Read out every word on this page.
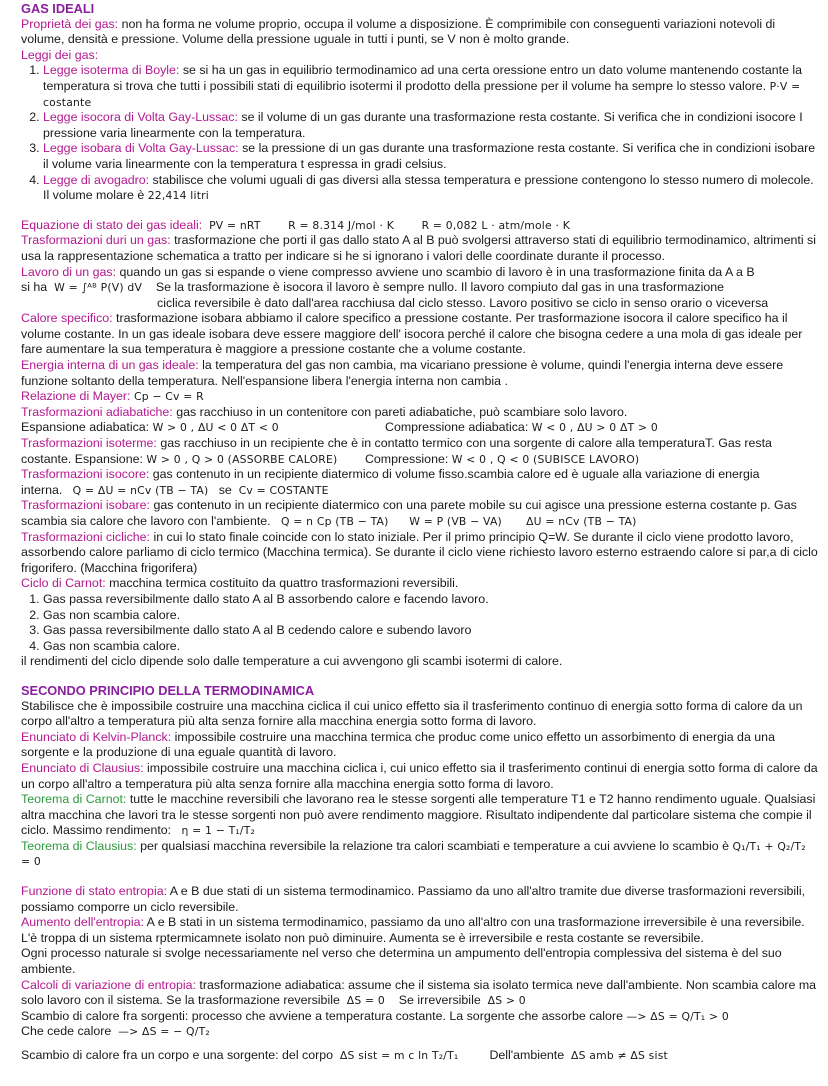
GAS IDEALI

Proprietà dei gas: non ha forma ne volume proprio, occupa il volume a disposizione. È comprimibile con conseguenti variazioni notevoli di volume, densità e pressione. Volume della pressione uguale in tutti i punti, se V non è molto grande.

Leggi dei gas:
1. Legge isoterma di Boyle: se si ha un gas in equilibrio termodinamico ad una certa oressione entro un dato volume mantenendo costante la temperatura si trova che tutti i possibili stati di equilibrio isotermi il prodotto della pressione per il volume ha sempre lo stesso valore. P·V = costante
2. Legge isocora di Volta Gay-Lussac: se il volume di un gas durante una trasformazione resta costante. Si verifica che in condizioni isocore I pressione varia linearmente con la temperatura.
3. Legge isobara di Volta Gay-Lussac: se la pressione di un gas durante una trasformazione resta costante. Si verifica che in condizioni isobare il volume varia linearmente con la temperatura t espressa in gradi celsius.
4. Legge di avogadro: stabilisce che volumi uguali di gas diversi alla stessa temperatura e pressione contengono lo stesso numero di molecole. Il volume molare è 22,414 litri

Equazione di stato dei gas ideali: PV = nRT	R = 8.314 J/mol · K	R = 0,082 L · atm/mole · K

Trasformazioni duri un gas: trasformazione che porti il gas dallo stato A al B può svolgersi attraverso stati di equilibrio termodinamico, altrimenti si usa la rappresentazione schematica a tratto per indicare si he si ignorano i valori delle coordinate durante il processo.

Lavoro di un gas: quando un gas si espande o viene compresso avviene uno scambio di lavoro è in una trasformazione finita da A a B
si ha W = ∫ᴬᴮ P(V) dV Se la trasformazione è isocora il lavoro è sempre nullo. Il lavoro compiuto dal gas in una trasformazione
ciclica reversibile è dato dall'area racchiusa dal ciclo stesso. Lavoro positivo se ciclo in senso orario o viceversa

Calore specifico: trasformazione isobara abbiamo il calore specifico a pressione costante. Per trasformazione isocora il calore specifico ha il volume costante. In un gas ideale isobara deve essere maggiore dell' isocora perché il calore che bisogna cedere a una mola di gas ideale per fare aumentare la sua temperatura è maggiore a pressione costante che a volume costante.

Energia interna di un gas ideale: la temperatura del gas non cambia, ma vicariano pressione è volume, quindi l'energia interna deve essere funzione soltanto della temperatura. Nell'espansione libera l'energia interna non cambia .

Relazione di Mayer: Cp − Cv = R

Trasformazioni adiabatiche: gas racchiuso in un contenitore con pareti adiabatiche, può scambiare solo lavoro.
Espansione adiabatica: W > 0 , ΔU < 0 ΔT < 0	Compressione adiabatica: W < 0 , ΔU > 0 ΔT > 0

Trasformazioni isoterme: gas racchiuso in un recipiente che è in contatto termico con una sorgente di calore alla temperaturaT. Gas resta costante. Espansione: W > 0 , Q > 0 (ASSORBE CALORE) Compressione: W < 0 , Q < 0 (SUBISCE LAVORO)

Trasformazioni isocore: gas contenuto in un recipiente diatermico di volume fisso.scambia calore ed è uguale alla variazione di energia interna. Q = ΔU = nCv (TB − TA) se Cv = COSTANTE

Trasformazioni isobare: gas contenuto in un recipiente diatermico con una parete mobile su cui agisce una pressione esterna costante p. Gas scambia sia calore che lavoro con l'ambiente. Q = n Cp (TB − TA) W = P (VB − VA) ΔU = nCv (TB − TA)

Trasformazioni cicliche: in cui lo stato finale coincide con lo stato iniziale. Per il primo principio Q=W. Se durante il ciclo viene prodotto lavoro, assorbendo calore parliamo di ciclo termico (Macchina termica). Se durante il ciclo viene richiesto lavoro esterno estraendo calore si par,a di ciclo frigorifero. (Macchina frigorifera)

Ciclo di Carnot: macchina termica costituito da quattro trasformazioni reversibili.

1. Gas passa reversibilmente dallo stato A al B assorbendo calore e facendo lavoro.
2. Gas non scambia calore.
3. Gas passa reversibilmente dallo stato A al B cedendo calore e subendo lavoro
4. Gas non scambia calore.

il rendimenti del ciclo dipende solo dalle temperature a cui avvengono gli scambi isotermi di calore.

SECONDO PRINCIPIO DELLA TERMODINAMICA

Stabilisce che è impossibile costruire una macchina ciclica il cui unico effetto sia il trasferimento continuo di energia sotto forma di calore da un corpo all'altro a temperatura più alta senza fornire alla macchina energia sotto forma di lavoro.

Enunciato di Kelvin-Planck: impossibile costruire una macchina termica che produc come unico effetto un assorbimento di energia da una sorgente e la produzione di una eguale quantità di lavoro.

Enunciato di Clausius: impossibile costruire una macchina ciclica i, cui unico effetto sia il trasferimento continui di energia sotto forma di calore da un corpo all'altro a temperatura più alta senza fornire alla macchina energia sotto forma di lavoro.

Teorema di Carnot: tutte le macchine reversibili che lavorano rea le stesse sorgenti alle temperature T1 e T2 hanno rendimento uguale. Qualsiasi altra macchina che lavori tra le stesse sorgenti non può avere rendimento maggiore. Risultato indipendente dal particolare sistema che compie il ciclo. Massimo rendimento: η = 1 − T₁/T₂

Teorema di Clausius: per qualsiasi macchina reversibile la relazione tra calori scambiati e temperature a cui avviene lo scambio è Q₁/T₁ + Q₂/T₂ = 0

Funzione di stato entropia: A e B due stati di un sistema termodinamico. Passiamo da uno all'altro tramite due diverse trasformazioni reversibili, possiamo comporre un ciclo reversibile.

Aumento dell'entropia: A e B stati in un sistema termodinamico, passiamo da uno all'altro con una trasformazione irreversibile è una reversibile. L'è troppa di un sistema rptermicamnete isolato non può diminuire. Aumenta se è irreversibile e resta costante se reversibile.

Ogni processo naturale si svolge necessariamente nel verso che determina un ampumento dell'entropia complessiva del sistema è del suo ambiente.

Calcoli di variazione di entropia: trasformazione adiabatica: assume che il sistema sia isolato termica neve dall'ambiente. Non scambia calore ma solo lavoro con il sistema. Se la trasformazione reversibile ΔS = 0 Se irreversibile ΔS > 0

Scambio di calore fra sorgenti: processo che avviene a temperatura costante. La sorgente che assorbe calore —> ΔS = Q/T₁ > 0
Che cede calore —> ΔS = − Q/T₂

Scambio di calore fra un corpo e una sorgente: del corpo ΔS sist = m c ln T₂/T₁ Dell'ambiente ΔS amb ≠ ΔS sist
